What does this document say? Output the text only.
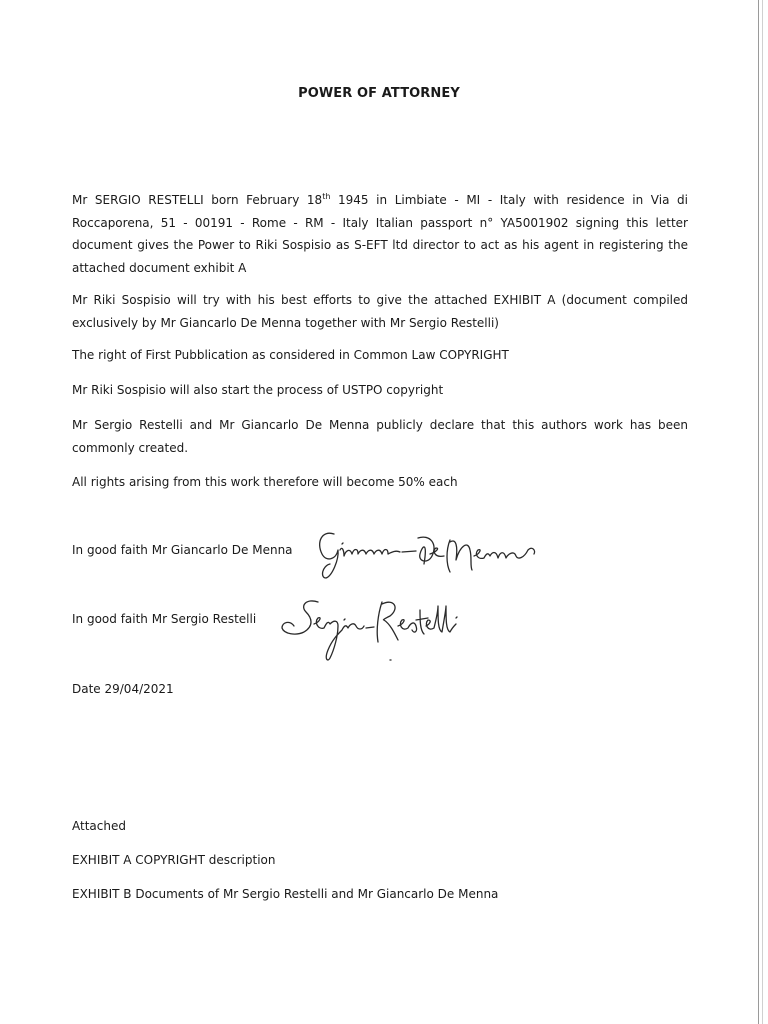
POWER OF ATTORNEY

Mr SERGIO RESTELLI born February 18th 1945 in Limbiate - MI - Italy with residence in Via di Roccaporena, 51 - 00191 - Rome - RM - Italy Italian passport n° YA5001902 signing this letter document gives the Power to Riki Sospisio as S-EFT ltd director to act as his agent in registering the attached document exhibit A

Mr Riki Sospisio will try with his best efforts to give the attached EXHIBIT A (document compiled exclusively by Mr Giancarlo De Menna together with Mr Sergio Restelli)

The right of First Pubblication as considered in Common Law COPYRIGHT

Mr Riki Sospisio will also start the process of USTPO copyright

Mr Sergio Restelli and Mr Giancarlo De Menna publicly declare that this authors work has been commonly created.

All rights arising from this work therefore will become 50% each

In good faith Mr Giancarlo De Menna
In good faith Mr Sergio Restelli
Date 29/04/2021
Attached
EXHIBIT A COPYRIGHT description
EXHIBIT B Documents of Mr Sergio Restelli and Mr Giancarlo De Menna
